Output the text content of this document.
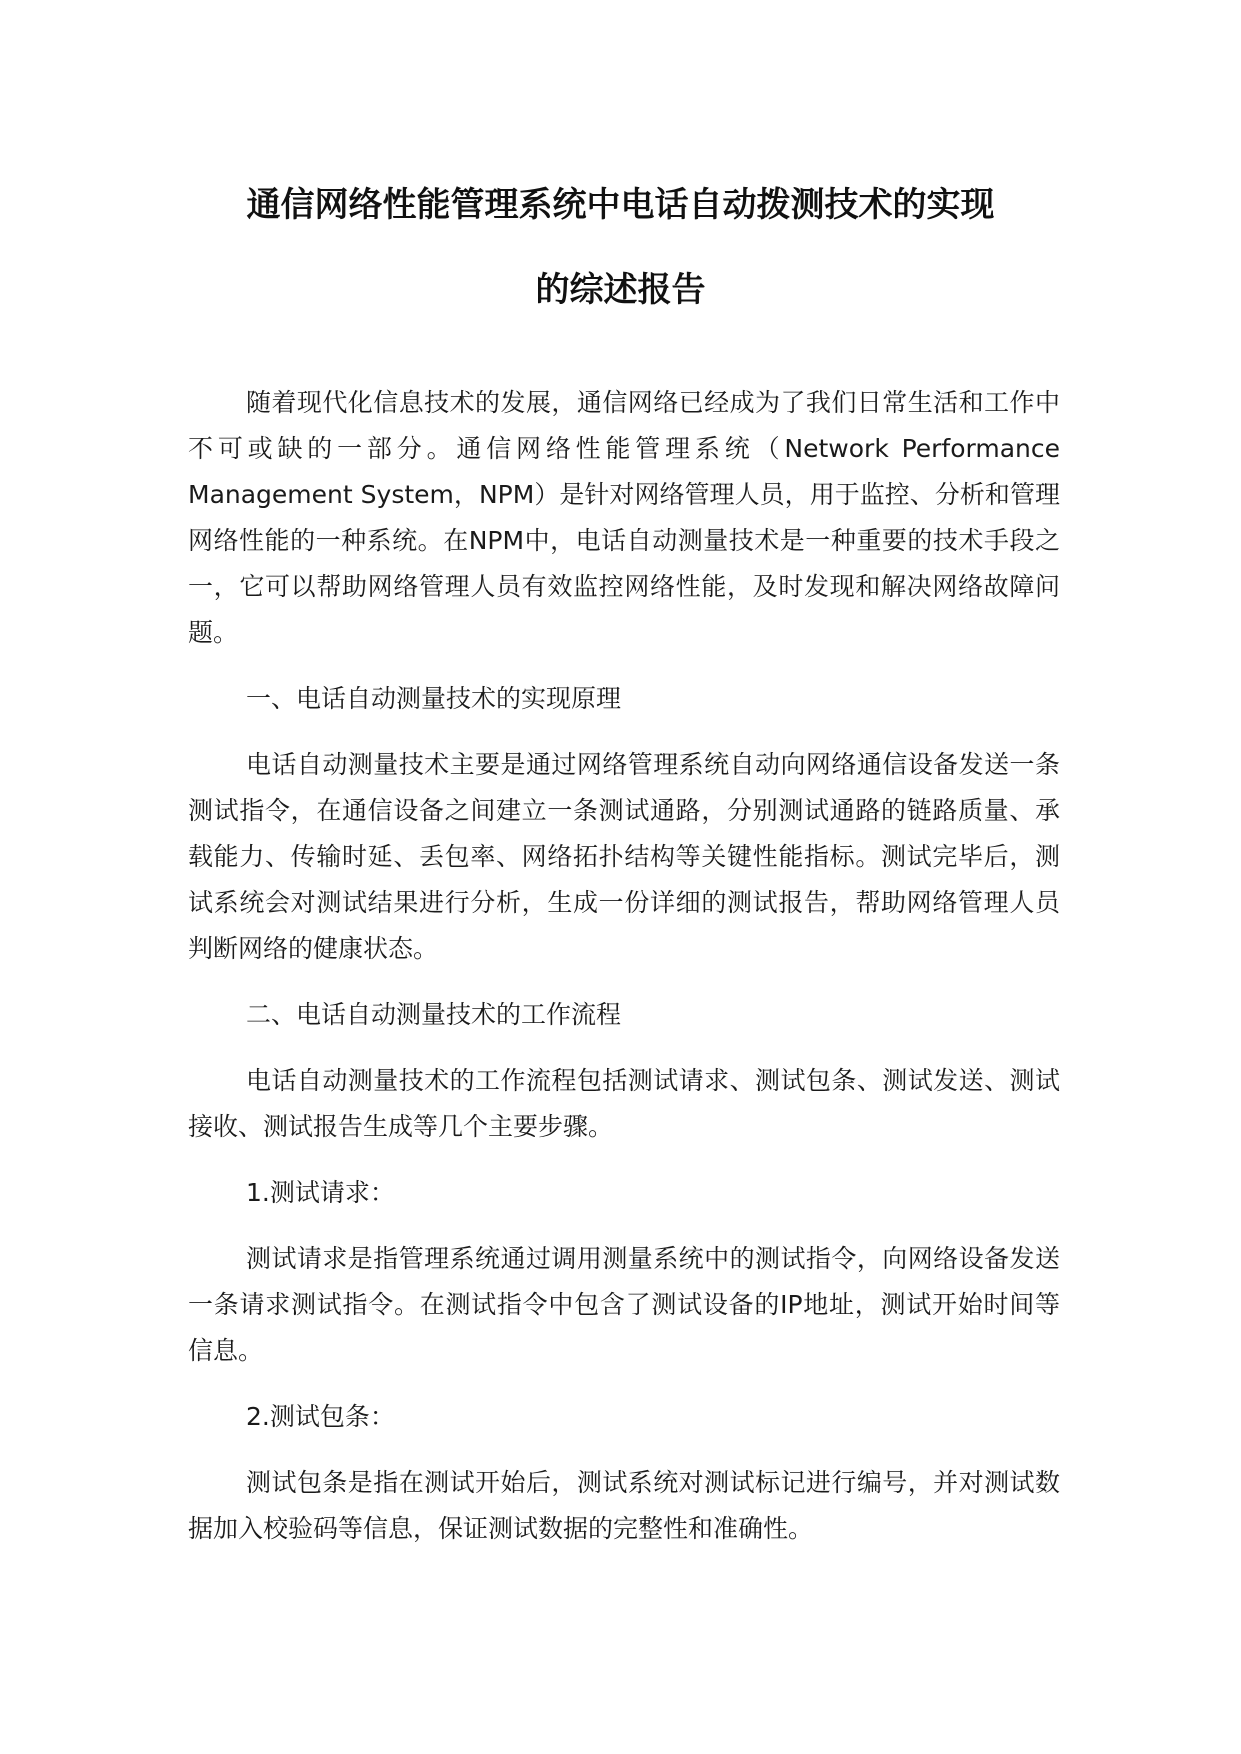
通信网络性能管理系统中电话自动拨测技术的实现
的综述报告

随着现代化信息技术的发展，通信网络已经成为了我们日常生活和工作中不可或缺的一部分。通信网络性能管理系统（Network Performance Management System，NPM）是针对网络管理人员，用于监控、分析和管理网络性能的一种系统。在NPM中，电话自动测量技术是一种重要的技术手段之一，它可以帮助网络管理人员有效监控网络性能，及时发现和解决网络故障问题。

一、电话自动测量技术的实现原理

电话自动测量技术主要是通过网络管理系统自动向网络通信设备发送一条测试指令，在通信设备之间建立一条测试通路，分别测试通路的链路质量、承载能力、传输时延、丢包率、网络拓扑结构等关键性能指标。测试完毕后，测试系统会对测试结果进行分析，生成一份详细的测试报告，帮助网络管理人员判断网络的健康状态。

二、电话自动测量技术的工作流程

电话自动测量技术的工作流程包括测试请求、测试包条、测试发送、测试接收、测试报告生成等几个主要步骤。

1.测试请求：

测试请求是指管理系统通过调用测量系统中的测试指令，向网络设备发送一条请求测试指令。在测试指令中包含了测试设备的IP地址，测试开始时间等信息。

2.测试包条：

测试包条是指在测试开始后，测试系统对测试标记进行编号，并对测试数据加入校验码等信息，保证测试数据的完整性和准确性。
